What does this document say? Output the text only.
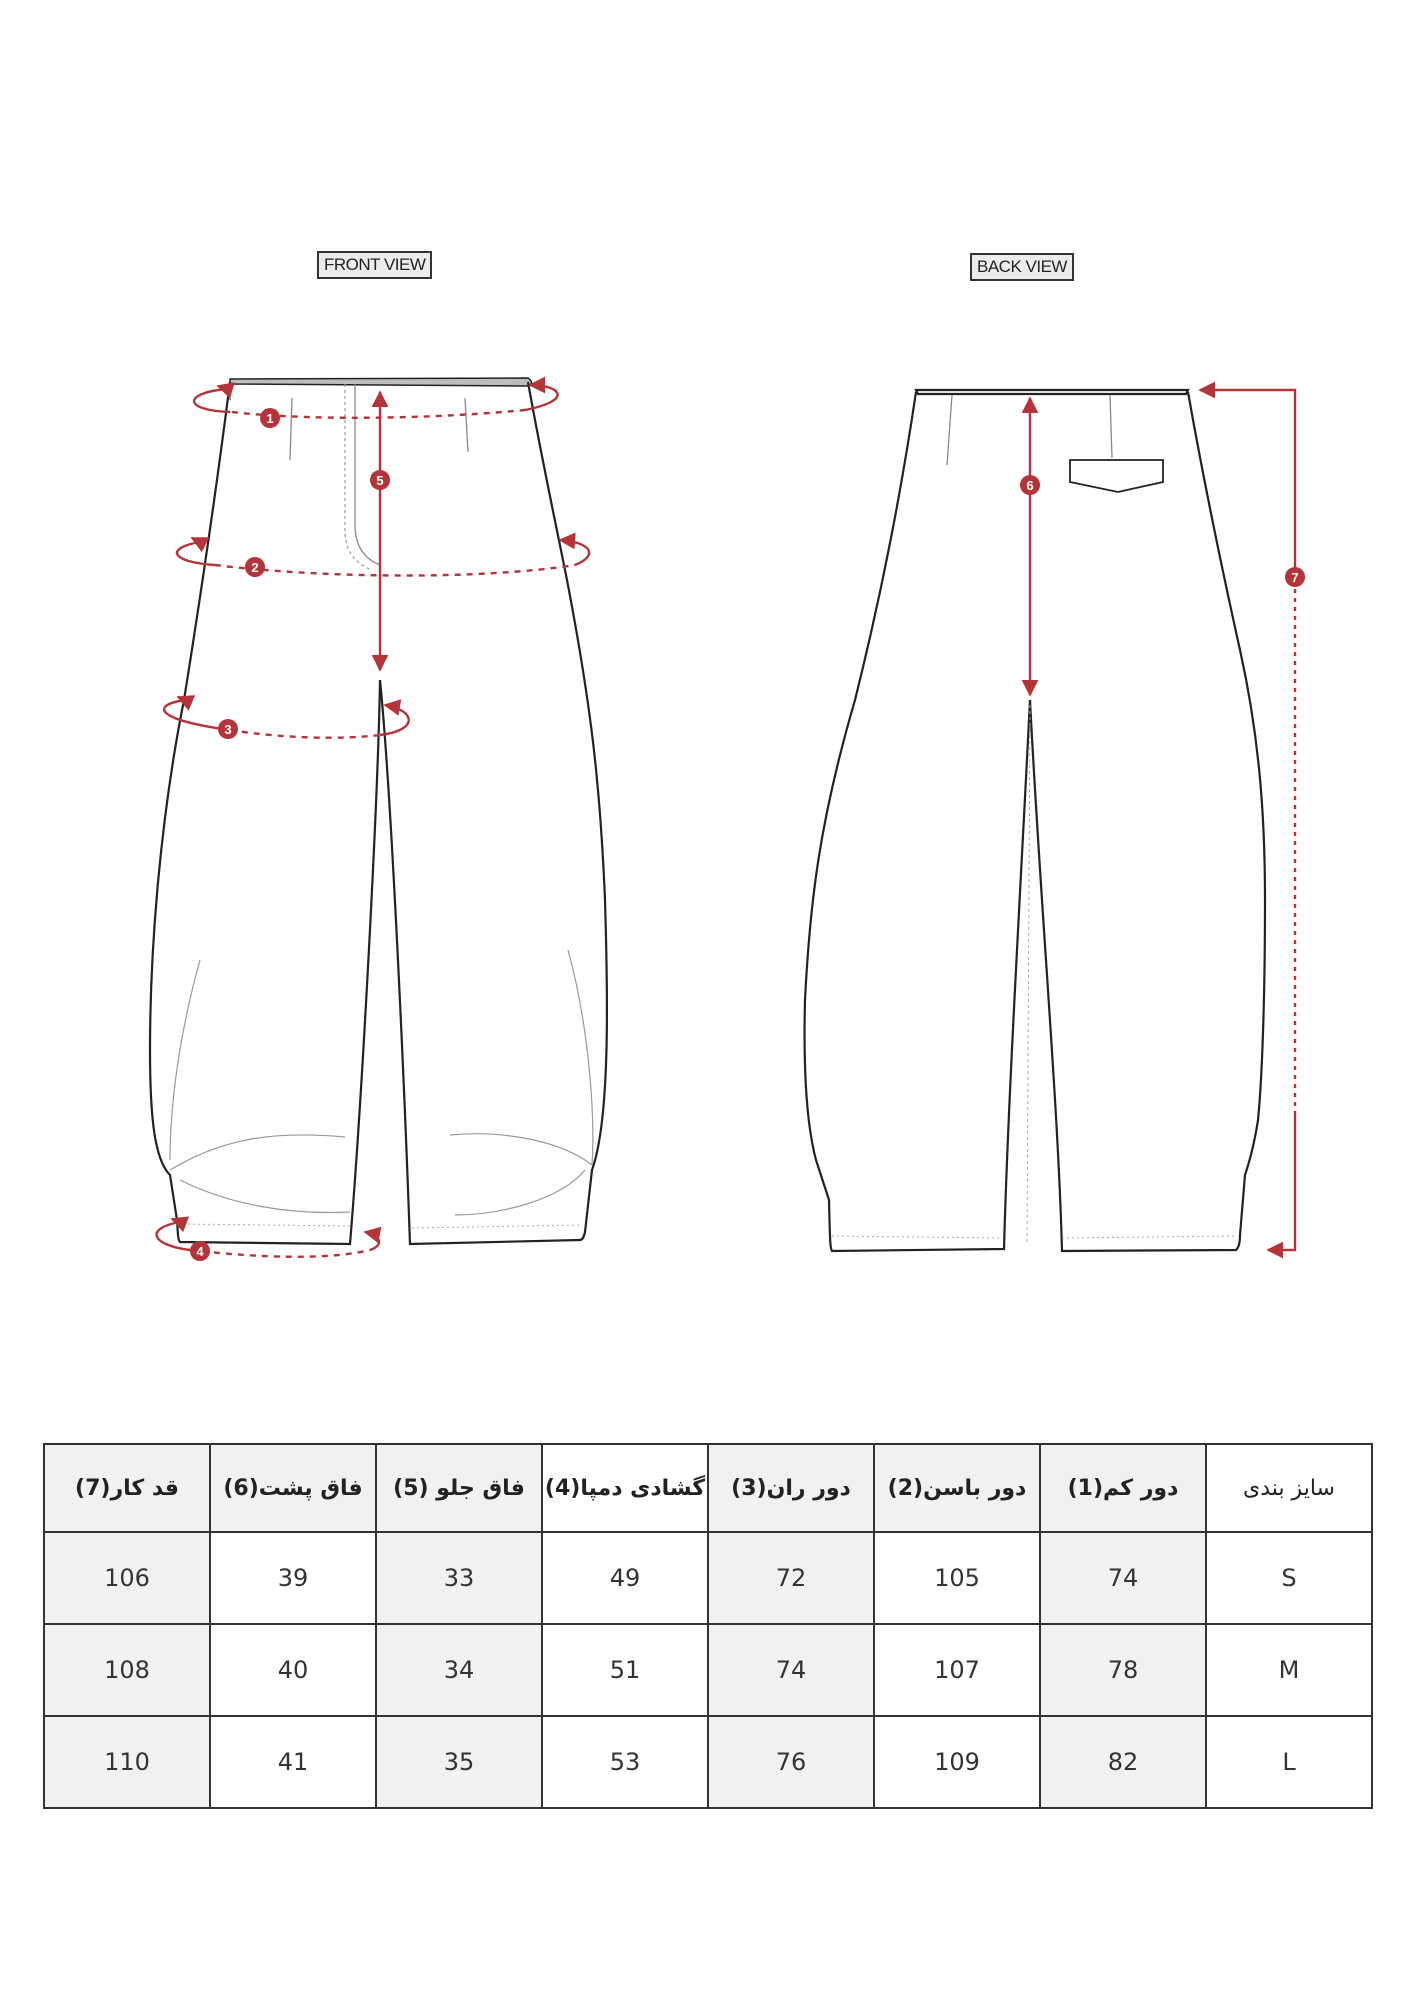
1
2
3
4
5	6
7
FRONT VIEW	BACK VIEW
قد کار(7)	فاق پشت(6)	فاق جلو (5)	گشادی دمپا(4)	دور ران(3)	دور باسن(2)	دور کم(1)	سایز بندی
106	39	33	49	72	105	74	S
108	40	34	51	74	107	78	M
110	41	35	53	76	109	82	L
